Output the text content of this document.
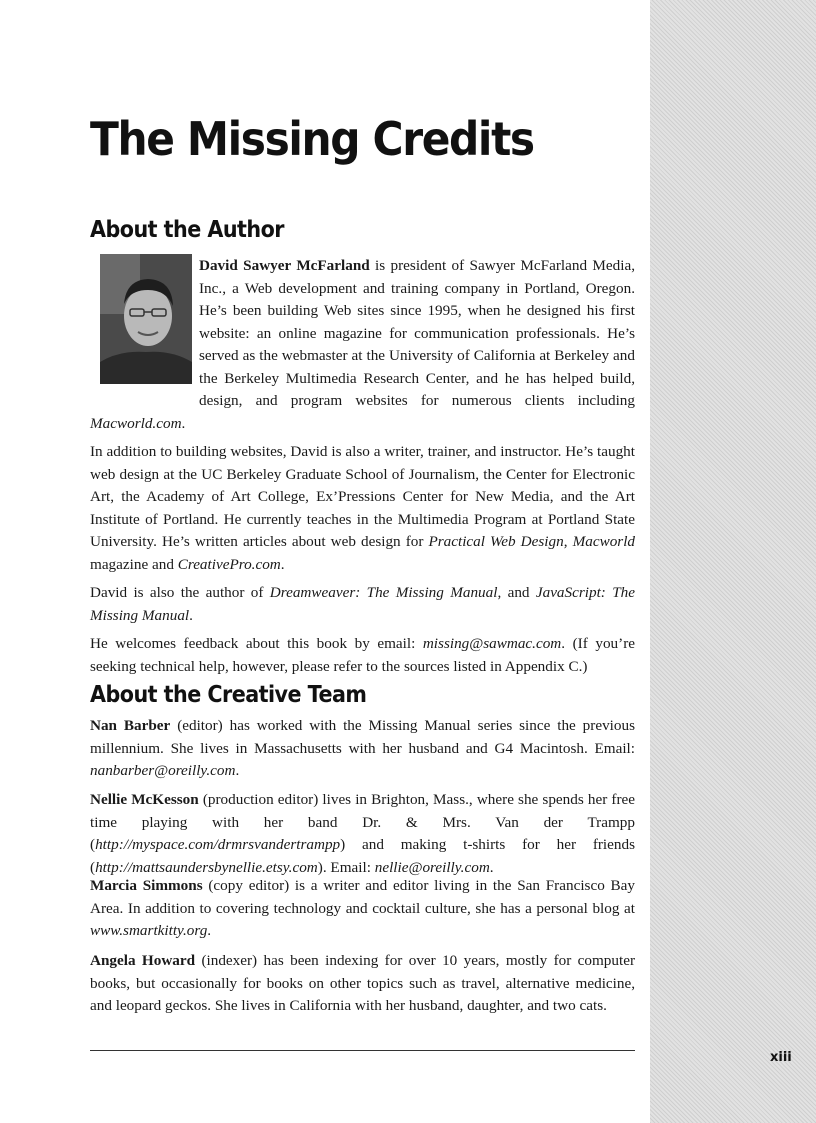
The Missing Credits
About the Author

David Sawyer McFarland is president of Sawyer McFarland Media, Inc., a Web development and training company in Portland, Oregon. He’s been building Web sites since 1995, when he designed his first website: an online magazine for communication professionals. He’s served as the webmaster at the University of California at Berkeley and the Berkeley Multimedia Research Center, and he has helped build, design, and program websites for numerous clients including Macworld.com.

In addition to building websites, David is also a writer, trainer, and instructor. He’s taught web design at the UC Berkeley Graduate School of Journalism, the Center for Electronic Art, the Academy of Art College, Ex’Pressions Center for New Media, and the Art Institute of Portland. He currently teaches in the Multimedia Program at Portland State University. He’s written articles about web design for Practical Web Design, Macworld magazine and CreativePro.com.

David is also the author of Dreamweaver: The Missing Manual, and JavaScript: The Missing Manual.

He welcomes feedback about this book by email: missing@sawmac.com. (If you’re seeking technical help, however, please refer to the sources listed in Appendix C.)

About the Creative Team

Nan Barber (editor) has worked with the Missing Manual series since the previous millennium. She lives in Massachusetts with her husband and G4 Macintosh. Email: nanbarber@oreilly.com.

Nellie McKesson (production editor) lives in Brighton, Mass., where she spends her free time playing with her band Dr. & Mrs. Van der Trampp (http://myspace.com/drmrsvandertrampp) and making t-shirts for her friends (http://mattsaundersbynellie.etsy.com). Email: nellie@oreilly.com.

Marcia Simmons (copy editor) is a writer and editor living in the San Francisco Bay Area. In addition to covering technology and cocktail culture, she has a personal blog at www.smartkitty.org.

Angela Howard (indexer) has been indexing for over 10 years, mostly for computer books, but occasionally for books on other topics such as travel, alternative medicine, and leopard geckos. She lives in California with her husband, daughter, and two cats.

xiii
